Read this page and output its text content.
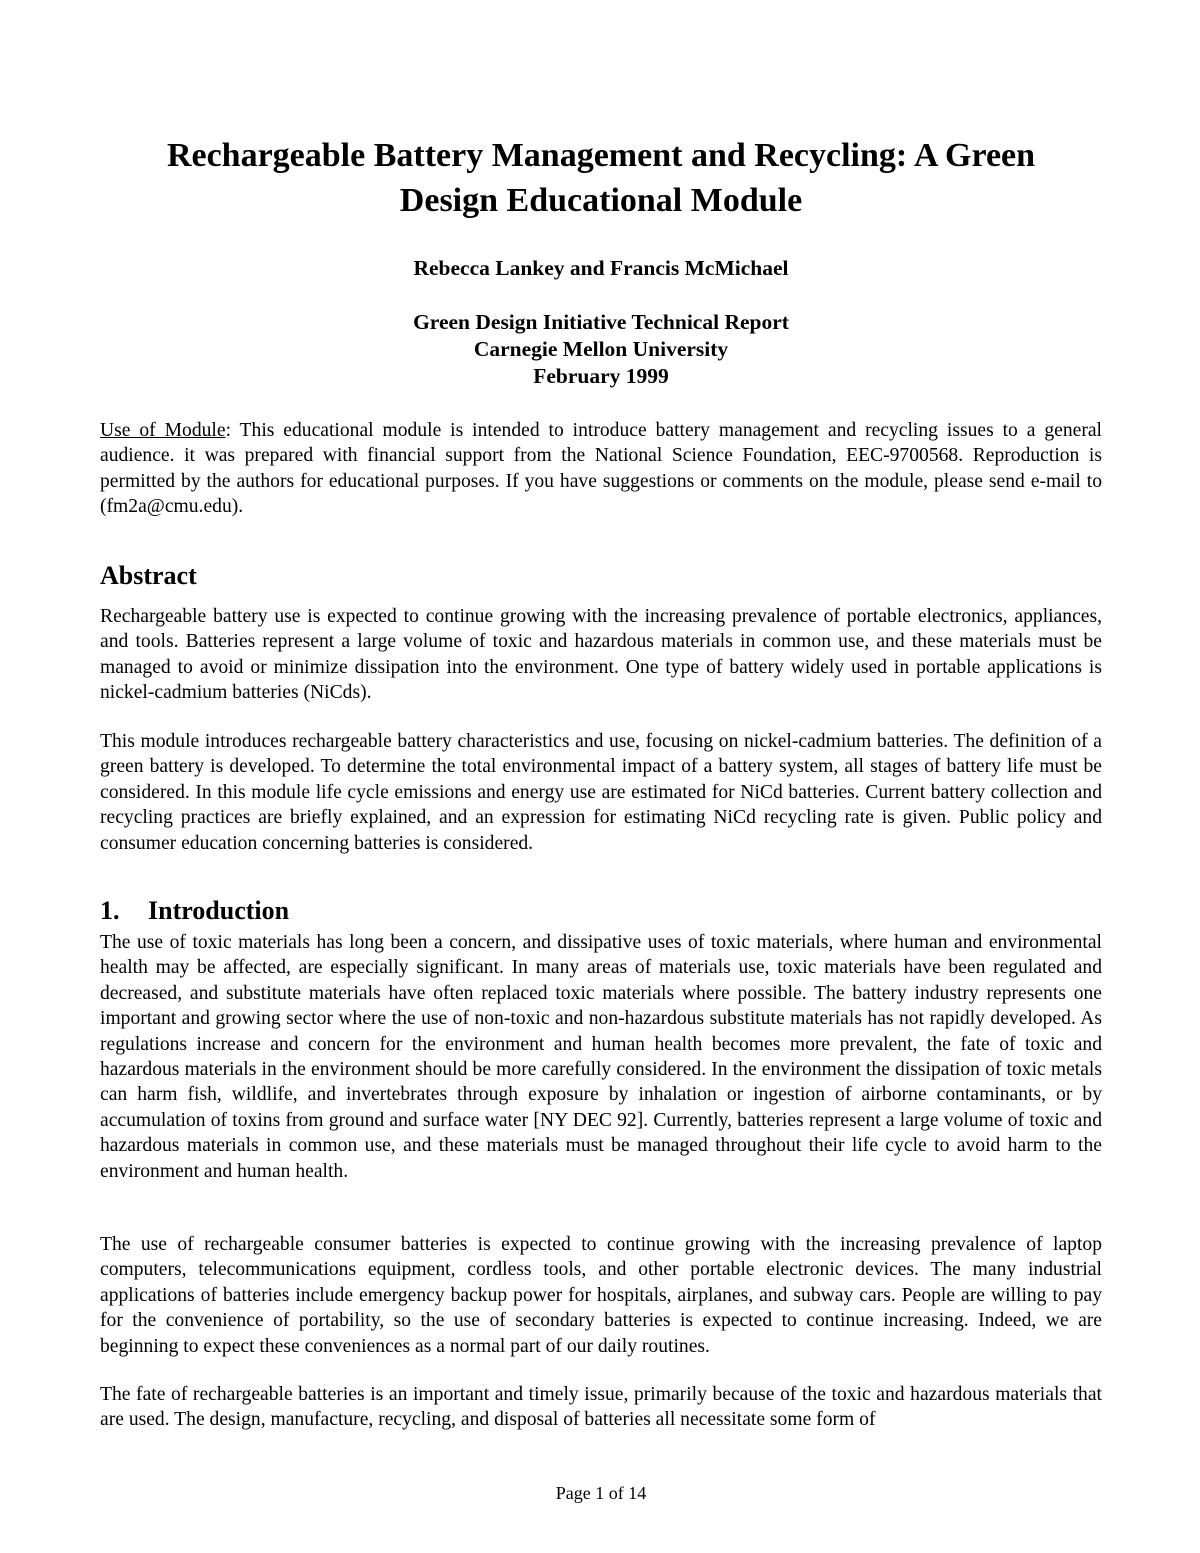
Rechargeable Battery Management and Recycling: A Green
Design Educational Module
Rebecca Lankey and Francis McMichael
Green Design Initiative Technical Report
Carnegie Mellon University
February 1999

Use of Module: This educational module is intended to introduce battery management and recycling issues to a general audience. it was prepared with financial support from the National Science Foundation, EEC-9700568. Reproduction is permitted by the authors for educational purposes. If you have suggestions or comments on the module, please send e-mail to (fm2a@cmu.edu).

Abstract

Rechargeable battery use is expected to continue growing with the increasing prevalence of portable electronics, appliances, and tools. Batteries represent a large volume of toxic and hazardous materials in common use, and these materials must be managed to avoid or minimize dissipation into the environment. One type of battery widely used in portable applications is nickel-cadmium batteries (NiCds).

This module introduces rechargeable battery characteristics and use, focusing on nickel-cadmium batteries. The definition of a green battery is developed. To determine the total environmental impact of a battery system, all stages of battery life must be considered. In this module life cycle emissions and energy use are estimated for NiCd batteries. Current battery collection and recycling practices are briefly explained, and an expression for estimating NiCd recycling rate is given. Public policy and consumer education concerning batteries is considered.

1. Introduction

The use of toxic materials has long been a concern, and dissipative uses of toxic materials, where human and environmental health may be affected, are especially significant. In many areas of materials use, toxic materials have been regulated and decreased, and substitute materials have often replaced toxic materials where possible. The battery industry represents one important and growing sector where the use of non-toxic and non-hazardous substitute materials has not rapidly developed. As regulations increase and concern for the environment and human health becomes more prevalent, the fate of toxic and hazardous materials in the environment should be more carefully considered. In the environment the dissipation of toxic metals can harm fish, wildlife, and invertebrates through exposure by inhalation or ingestion of airborne contaminants, or by accumulation of toxins from ground and surface water [NY DEC 92]. Currently, batteries represent a large volume of toxic and hazardous materials in common use, and these materials must be managed throughout their life cycle to avoid harm to the environment and human health.

The use of rechargeable consumer batteries is expected to continue growing with the increasing prevalence of laptop computers, telecommunications equipment, cordless tools, and other portable electronic devices. The many industrial applications of batteries include emergency backup power for hospitals, airplanes, and subway cars. People are willing to pay for the convenience of portability, so the use of secondary batteries is expected to continue increasing. Indeed, we are beginning to expect these conveniences as a normal part of our daily routines.

The fate of rechargeable batteries is an important and timely issue, primarily because of the toxic and hazardous materials that are used. The design, manufacture, recycling, and disposal of batteries all necessitate some form of

Page 1 of 14
